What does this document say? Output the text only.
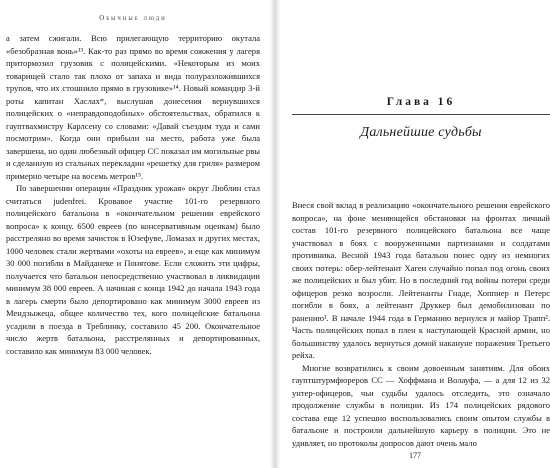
Обычные люди

а затем сжигали. Всю прилегающую территорию окутала «безобразная вонь»¹³. Как-то раз прямо во время сожжения у лагеря притормозил грузовик с полицейскими. «Некоторым из моих товарищей стало так плохо от запаха и вида полуразложившихся трупов, что их стошнило прямо в грузовике»¹⁴. Новый командир 3-й роты капитан Хаслах*, выслушав донесения вернувшихся полицейских о «неправдоподобных» обстоятельствах, обратился к гауптвахмистру Карлсену со словами: «Давай съездим туда и сами посмотрим». Когда они прибыли на место, работа уже была завершена, но один любезный офицер СС показал им могильные рвы и сделанную из стальных перекладин «решетку для гриля» размером примерно четыре на восемь метров¹⁵.

По завершении операции «Праздник урожая» округ Люблин стал считаться judenfrei. Кровавое участие 101-го резервного полицейского батальона в «окончательном решении еврейского вопроса» к концу. 6500 евреев (по консервативным оценкам) было расстреляно во время зачисток в Юзефуве, Ломазах и других местах, 1000 человек стали жертвами «охоты на евреев», и еще как минимум 30 000 погибли в Майданеке и Понятове. Если сложить эти цифры, получается что батальон непосредственно участвовал в ликвидации минимум 38 000 евреев. А начиная с конца 1942 до начала 1943 года в лагерь смерти было депортировано как минимум 3000 евреев из Мендзыжеца, общее количество тех, кого полицейские батальона усадили в поезда в Треблинку, составило 45 200. Окончательное число жертв батальона, расстрелянных и депортированных, составило как минимум 83 000 человек.

Глава 16
Дальнейшие судьбы

Внеся свой вклад в реализацию «окончательного решения еврейского вопроса», на фоне меняющейся обстановки на фронтах личный состав 101-го резервного полицейского батальона все чаще участвовал в боях с вооруженными партизанами и солдатами противника. Весной 1943 года батальон понес одну из немногих своих потерь: обер-лейтенант Хаген случайно попал под огонь своих же полицейских и был убит. Но в последний год войны потери среди офицеров резко возросли. Лейтенанты Гнаде, Хоппнер и Петерс погибли в боях, а лейтенант Друккер был демобилизован по ранению¹. В начале 1944 года в Германию вернулся и майор Трапп². Часть полицейских попал в плен к наступающей Красной армии, но большинству удалось вернуться домой накануне поражения Третьего рейха.

Многие возвратились к своим довоенным занятиям. Для обоих гауптштурмфюреров СС — Хоффмана и Волауфа, — а для 12 из 32 унтер-офицеров, чьи судьбы удалось отследить, это означало продолжение службы в полиции. Из 174 полицейских рядового состава еще 12 успешно воспользовались своим опытом службы в батальоне и построили дальнейшую карьеру в полиции. Это не удивляет, но протоколы допросов дают очень мало

177
